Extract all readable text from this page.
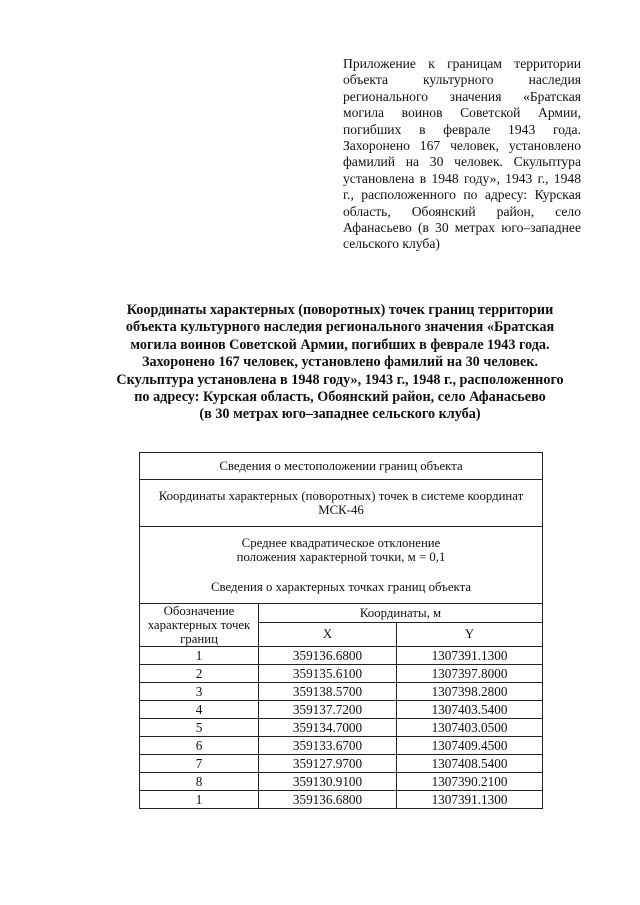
Приложение к границам территории объекта культурного наследия регионального значения «Братская могила воинов Советской Армии, погибших в феврале 1943 года. Захоронено 167 человек, установлено фамилий на 30 человек. Скульптура установлена в 1948 году», 1943 г., 1948 г., расположенного по адресу: Курская область, Обоянский район, село Афанасьево (в 30 метрах юго–западнее сельского клуба)
Координаты характерных (поворотных) точек границ территории
объекта культурного наследия регионального значения «Братская
могила воинов Советской Армии, погибших в феврале 1943 года.
Захоронено 167 человек, установлено фамилий на 30 человек.
Скульптура установлена в 1948 году», 1943 г., 1948 г., расположенного
по адресу: Курская область, Обоянский район, село Афанасьево
(в 30 метрах юго–западнее сельского клуба)
Сведения о местоположении границ объекта		
Координаты характерных (поворотных) точек в системе координат МСК-46		

Среднее квадратическое отклонение
положения характерной точки, м = 0,1
Сведения о характерных точках границ объекта		

Обозначение характерных точек границ	Координаты, м	
	X	Y
1	359136.6800	1307391.1300
2	359135.6100	1307397.8000
3	359138.5700	1307398.2800
4	359137.7200	1307403.5400
5	359134.7000	1307403.0500
6	359133.6700	1307409.4500
7	359127.9700	1307408.5400
8	359130.9100	1307390.2100
1	359136.6800	1307391.1300
